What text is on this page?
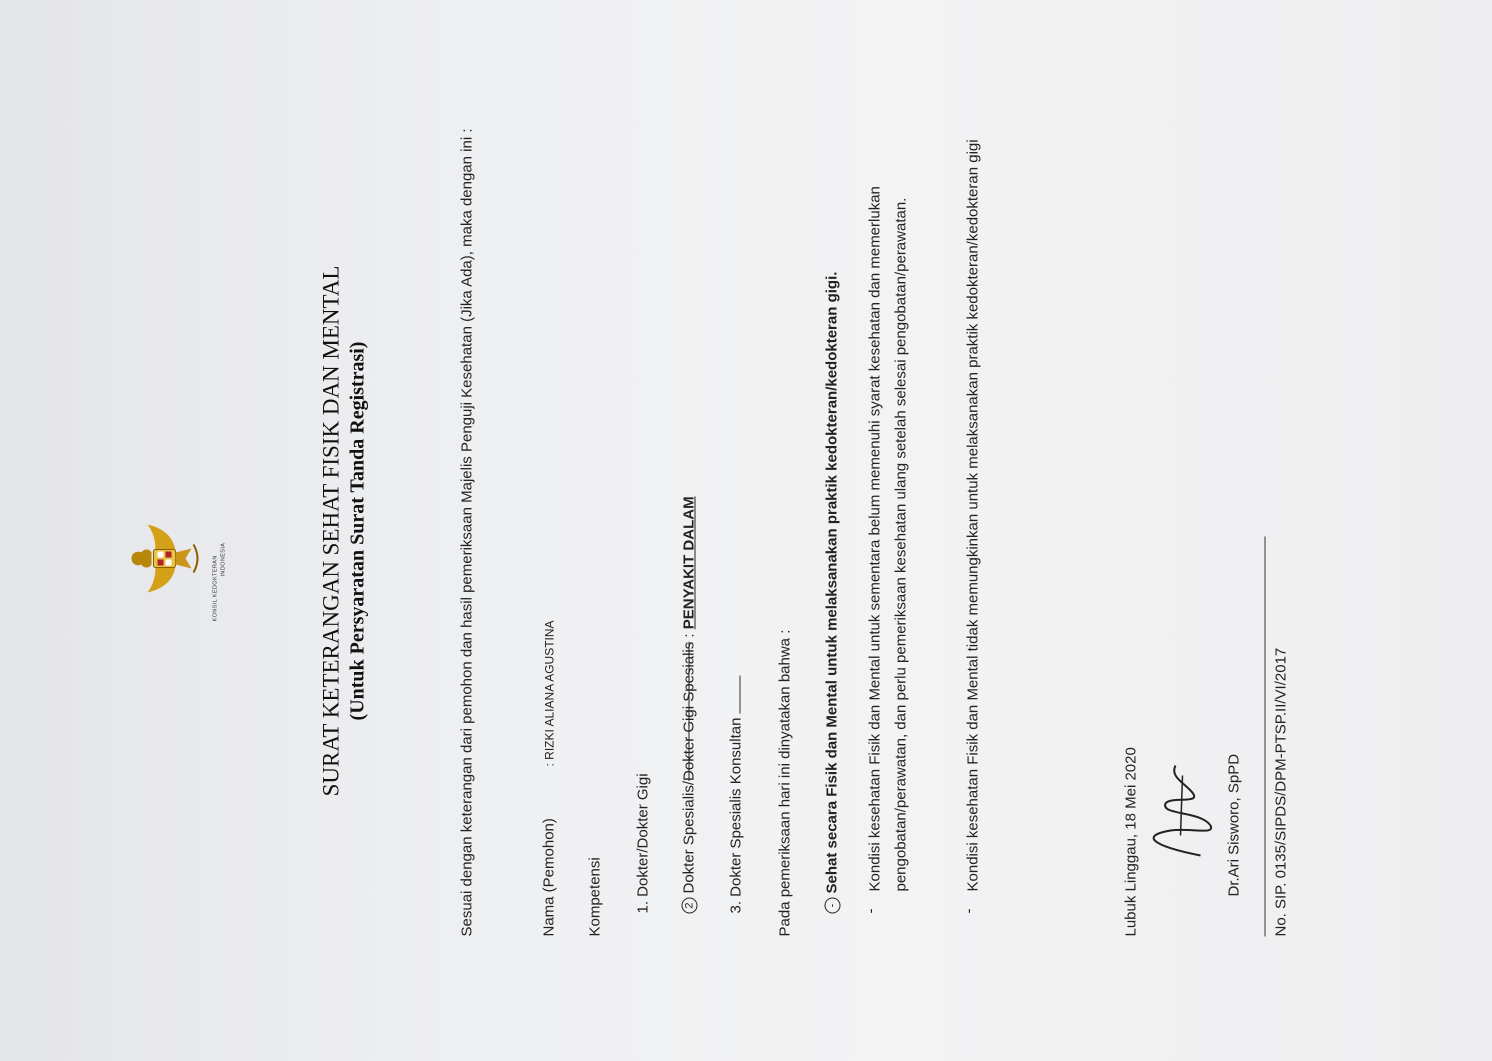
KONSIL KEDOKTERAN INDONESIA	SURAT KETERANGAN SEHAT FISIK DAN MENTAL (Untuk Persyaratan Surat Tanda Registrasi)	Sesuai dengan keterangan dari pemohon dan hasil pemeriksaan Majelis Penguji Kesehatan (Jika Ada), maka dengan ini :	Nama (Pemohon)
: RIZKI ALIANA AGUSTINA
Kompetensi 1. Dokter/Dokter Gigi	2Dokter Spesialis/Dokter Gigi Spesialis : PENYAKIT DALAM
3. Dokter Spesialis Konsultan Pada pemeriksaan hari ini dinyatakan bahwa :	-Sehat secara Fisik dan Mental untuk melaksanakan praktik kedokteran/kedokteran gigi.
-
Kondisi kesehatan Fisik dan Mental untuk sementara belum memenuhi syarat kesehatan dan memerlukan pengobatan/perawatan, dan perlu pemeriksaan kesehatan ulang setelah selesai pengobatan/perawatan.
-
Kondisi kesehatan Fisik dan Mental tidak memungkinkan untuk melaksanakan praktik kedokteran/kedokteran gigi	Lubuk Linggau, 18 Mei 2020	Dr.Ari Sisworo, SpPD No. SIP. 0135/SIPDS/DPM-PTSP.II/VI/2017
